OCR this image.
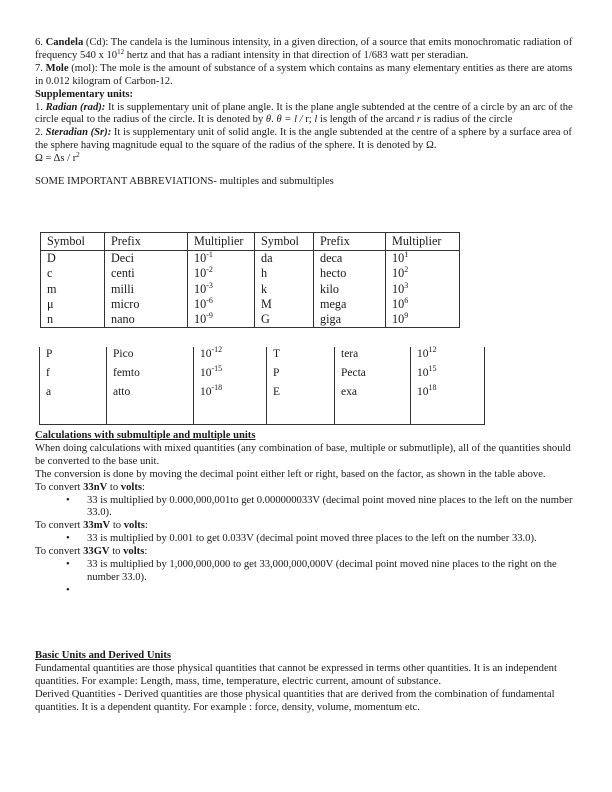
6. Candela (Cd): The candela is the luminous intensity, in a given direction, of a source that emits monochromatic radiation of frequency 540 x $10^{12}$ hertz and that has a radiant intensity in that direction of 1/683 watt per steradian.

7. Mole (mol): The mole is the amount of substance of a system which contains as many elementary entities as there are atoms in 0.012 kilogram of Carbon-12.

Supplementary units:

1. Radian (rad): It is supplementary unit of plane angle. It is the plane angle subtended at the centre of a circle by an arc of the circle equal to the radius of the circle. It is denoted by θ. θ = l / r; l is length of the arcand r is radius of the circle

2. Steradian (Sr): It is supplementary unit of solid angle. It is the angle subtended at the centre of a sphere by a surface area of the sphere having magnitude equal to the square of the radius of the sphere. It is denoted by Ω.

$\Omega = \Delta s / r^2$

SOME IMPORTANT ABBREVIATIONS- multiples and submultiples

Symbol	Prefix	Multiplier	Symbol	Prefix	Multiplier
D	Deci	$10^{-1}$	da	deca	$10^1$
c	centi	$10^{-2}$	h	hecto	$10^2$
m	milli	$10^{-3}$	k	kilo	$10^3$
μ	micro	$10^{-6}$	M	mega	$10^6$
n	nano	$10^{-9}$	G	giga	$10^9$
P	Pico	$10^{-12}$	T	tera	$10^{12}$
f	femto	$10^{-15}$	P	Pecta	$10^{15}$
a	atto	$10^{-18}$	E	exa	$10^{18}$

Calculations with submultiple and multiple units

When doing calculations with mixed quantities (any combination of base, multiple or submutliple), all of the quantities should be converted to the base unit.

The conversion is done by moving the decimal point either left or right, based on the factor, as shown in the table above.

To convert 33nV to volts:

• 33 is multiplied by 0.000,000,001to get 0.000000033V (decimal point moved nine places to the left on the number 33.0).

To convert 33mV to volts:

• 33 is multiplied by 0.001 to get 0.033V (decimal point moved three places to the left on the number 33.0).

To convert 33GV to volts:

• 33 is multiplied by 1,000,000,000 to get 33,000,000,000V (decimal point moved nine places to the right on the number 33.0).
•

Basic Units and Derived Units

Fundamental quantities are those physical quantities that cannot be expressed in terms other quantities. It is an independent quantities. For example: Length, mass, time, temperature, electric current, amount of substance.

Derived Quantities - Derived quantities are those physical quantities that are derived from the combination of fundamental quantities. It is a dependent quantity. For example : force, density, volume, momentum etc.
